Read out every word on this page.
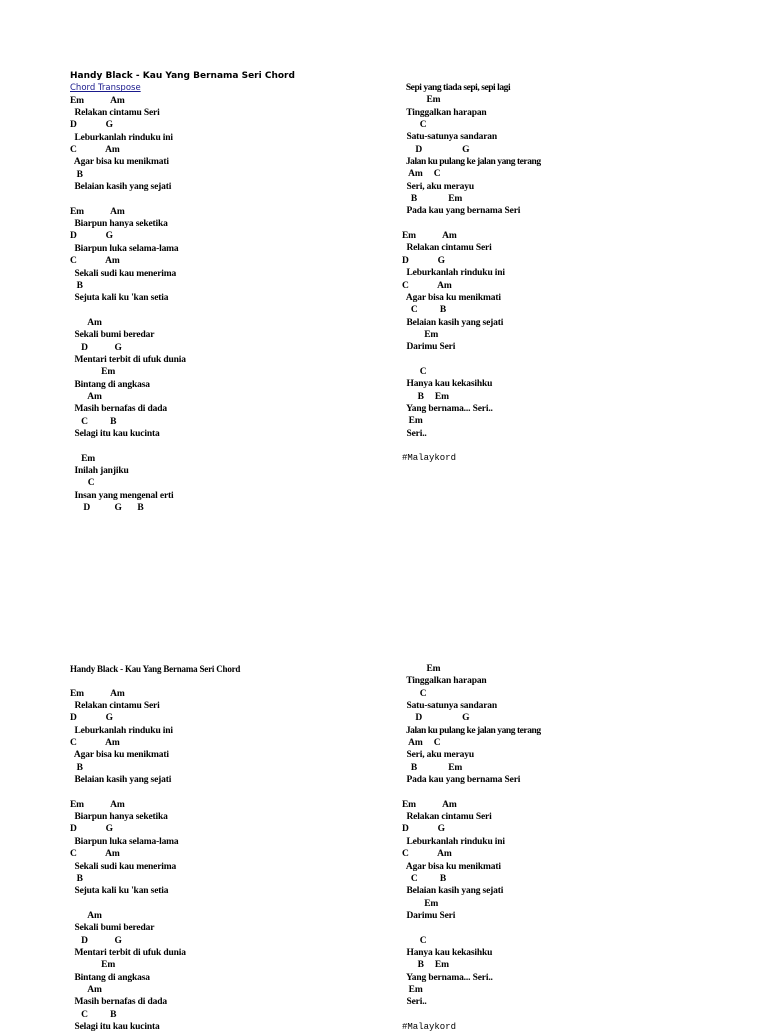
Handy Black - Kau Yang Bernama Seri Chord
Chord Transpose
Em            Am
Relakan cintamu Seri
D             G
Leburkanlah rinduku ini
C             Am
Agar bisa ku menikmati
B
Belaian kasih yang sejati
Em            Am
Biarpun hanya seketika
D             G
Biarpun luka selama-lama
C             Am
Sekali sudi kau menerima
B
Sejuta kali ku 'kan setia
Am
Sekali bumi beredar
D            G
Mentari terbit di ufuk dunia
Em
Bintang di angkasa
Am
Masih bernafas di dada
C          B
Selagi itu kau kucinta
Em
Inilah janjiku
C
Insan yang mengenal erti
D           G       B
Sepi yang tiada sepi, sepi lagi
Em
Tinggalkan harapan
C
Satu-satunya sandaran
D                  G
Jalan ku pulang ke jalan yang terang
Am     C
Seri, aku merayu
B              Em
Pada kau yang bernama Seri
Em            Am
Relakan cintamu Seri
D             G
Leburkanlah rinduku ini
C             Am
Agar bisa ku menikmati
C          B
Belaian kasih yang sejati
Em
Darimu Seri
C
Hanya kau kekasihku
B     Em
Yang bernama... Seri..
Em
Seri..
#Malaykord
Handy Black - Kau Yang Bernama Seri Chord
Em            Am
Relakan cintamu Seri
D             G
Leburkanlah rinduku ini
C             Am
Agar bisa ku menikmati
B
Belaian kasih yang sejati
Em            Am
Biarpun hanya seketika
D             G
Biarpun luka selama-lama
C             Am
Sekali sudi kau menerima
B
Sejuta kali ku 'kan setia
Am
Sekali bumi beredar
D            G
Mentari terbit di ufuk dunia
Em
Bintang di angkasa
Am
Masih bernafas di dada
C          B
Selagi itu kau kucinta
Em
Tinggalkan harapan
C
Satu-satunya sandaran
D                  G
Jalan ku pulang ke jalan yang terang
Am     C
Seri, aku merayu
B              Em
Pada kau yang bernama Seri
Em            Am
Relakan cintamu Seri
D             G
Leburkanlah rinduku ini
C             Am
Agar bisa ku menikmati
C          B
Belaian kasih yang sejati
Em
Darimu Seri
C
Hanya kau kekasihku
B     Em
Yang bernama... Seri..
Em
Seri..
#Malaykord
